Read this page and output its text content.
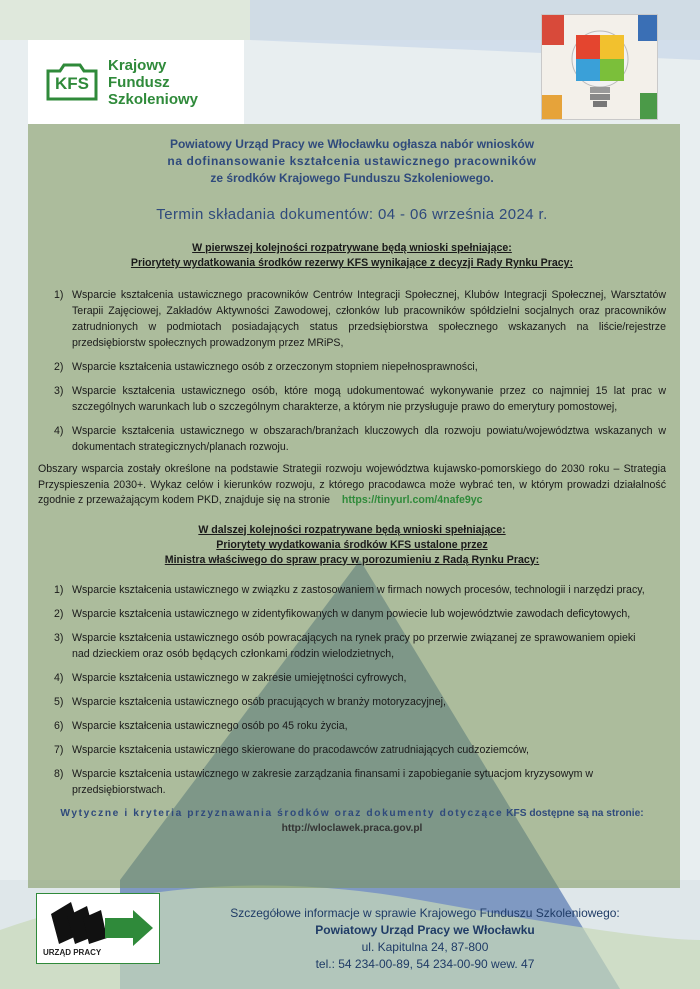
KFS
Krajowy
Fundusz
Szkoleniowy
Powiatowy Urząd Pracy we Włocławku ogłasza nabór wniosków
na dofinansowanie kształcenia ustawicznego pracowników
ze środków Krajowego Funduszu Szkoleniowego.
Termin składania dokumentów: 04 - 06 września 2024 r.
W pierwszej kolejności rozpatrywane będą wnioski spełniające:
Priorytety wydatkowania środków rezerwy KFS wynikające z decyzji Rady Rynku Pracy:
1) Wsparcie kształcenia ustawicznego pracowników Centrów Integracji Społecznej, Klubów Integracji Społecznej, Warsztatów Terapii Zajęciowej, Zakładów Aktywności Zawodowej, członków lub pracowników spółdzielni socjalnych oraz pracowników zatrudnionych w podmiotach posiadających status przedsiębiorstwa społecznego wskazanych na liście/rejestrze przedsiębiorstw społecznych prowadzonym przez MRiPS,
2) Wsparcie kształcenia ustawicznego osób z orzeczonym stopniem niepełnosprawności,
3) Wsparcie kształcenia ustawicznego osób, które mogą udokumentować wykonywanie przez co najmniej 15 lat prac w szczególnych warunkach lub o szczególnym charakterze, a którym nie przysługuje prawo do emerytury pomostowej,
4) Wsparcie kształcenia ustawicznego w obszarach/branżach kluczowych dla rozwoju powiatu/województwa wskazanych w dokumentach strategicznych/planach rozwoju.
Obszary wsparcia zostały określone na podstawie Strategii rozwoju województwa kujawsko-pomorskiego do 2030 roku – Strategia Przyspieszenia 2030+. Wykaz celów i kierunków rozwoju, z którego pracodawca może wybrać ten, w którym prowadzi działalność zgodnie z przeważającym kodem PKD, znajduje się na stronie https://tinyurl.com/4nafe9yc
W dalszej kolejności rozpatrywane będą wnioski spełniające:
Priorytety wydatkowania środków KFS ustalone przez
Ministra właściwego do spraw pracy w porozumieniu z Radą Rynku Pracy:
1) Wsparcie kształcenia ustawicznego w związku z zastosowaniem w firmach nowych procesów, technologii i narzędzi pracy,
2) Wsparcie kształcenia ustawicznego w zidentyfikowanych w danym powiecie lub województwie zawodach deficytowych,
3) Wsparcie kształcenia ustawicznego osób powracających na rynek pracy po przerwie związanej ze sprawowaniem opieki nad dzieckiem oraz osób będących członkami rodzin wielodzietnych,
4) Wsparcie kształcenia ustawicznego w zakresie umiejętności cyfrowych,
5) Wsparcie kształcenia ustawicznego osób pracujących w branży motoryzacyjnej,
6) Wsparcie kształcenia ustawicznego osób po 45 roku życia,
7) Wsparcie kształcenia ustawicznego skierowane do pracodawców zatrudniających cudzoziemców,
8) Wsparcie kształcenia ustawicznego w zakresie zarządzania finansami i zapobieganie sytuacjom kryzysowym w przedsiębiorstwach.
Wytyczne i kryteria przyznawania środków oraz dokumenty dotyczące KFS dostępne są na stronie:
http://wloclawek.praca.gov.pl
URZĄD PRACY
Szczegółowe informacje w sprawie Krajowego Funduszu Szkoleniowego:
Powiatowy Urząd Pracy we Włocławku
ul. Kapitulna 24, 87-800
tel.: 54 234-00-89, 54 234-00-90 wew. 47
